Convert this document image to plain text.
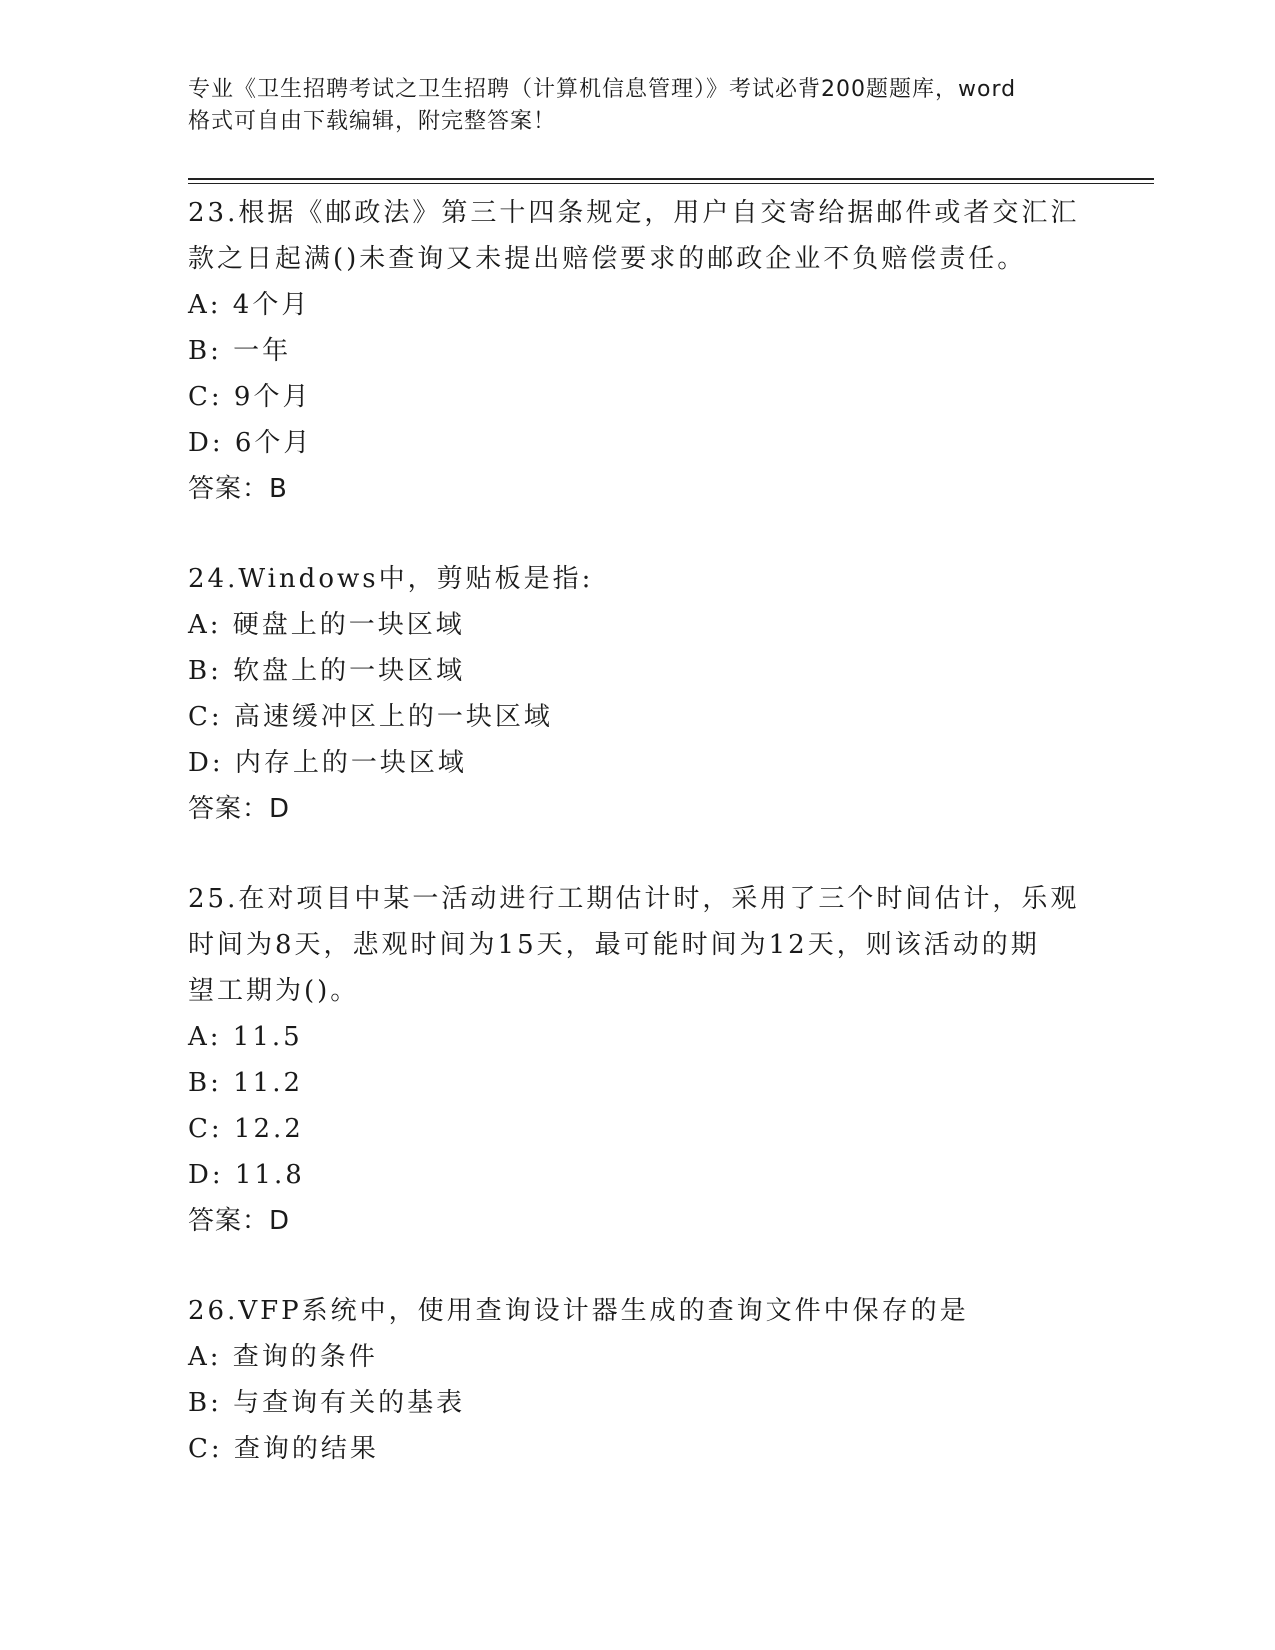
专业《卫生招聘考试之卫生招聘（计算机信息管理）》考试必背200题题库，word
格式可自由下载编辑，附完整答案！
23.根据《邮政法》第三十四条规定，用户自交寄给据邮件或者交汇汇
款之日起满()未查询又未提出赔偿要求的邮政企业不负赔偿责任。
A: 4个月
B: 一年
C: 9个月
D: 6个月
答案：B
24.Windows中，剪贴板是指:
A: 硬盘上的一块区域
B: 软盘上的一块区域
C: 高速缓冲区上的一块区域
D: 内存上的一块区域
答案：D
25.在对项目中某一活动进行工期估计时，采用了三个时间估计，乐观
时间为8天，悲观时间为15天，最可能时间为12天，则该活动的期
望工期为()。
A: 11.5
B: 11.2
C: 12.2
D: 11.8
答案：D
26.VFP系统中，使用查询设计器生成的查询文件中保存的是
A: 查询的条件
B: 与查询有关的基表
C: 查询的结果
